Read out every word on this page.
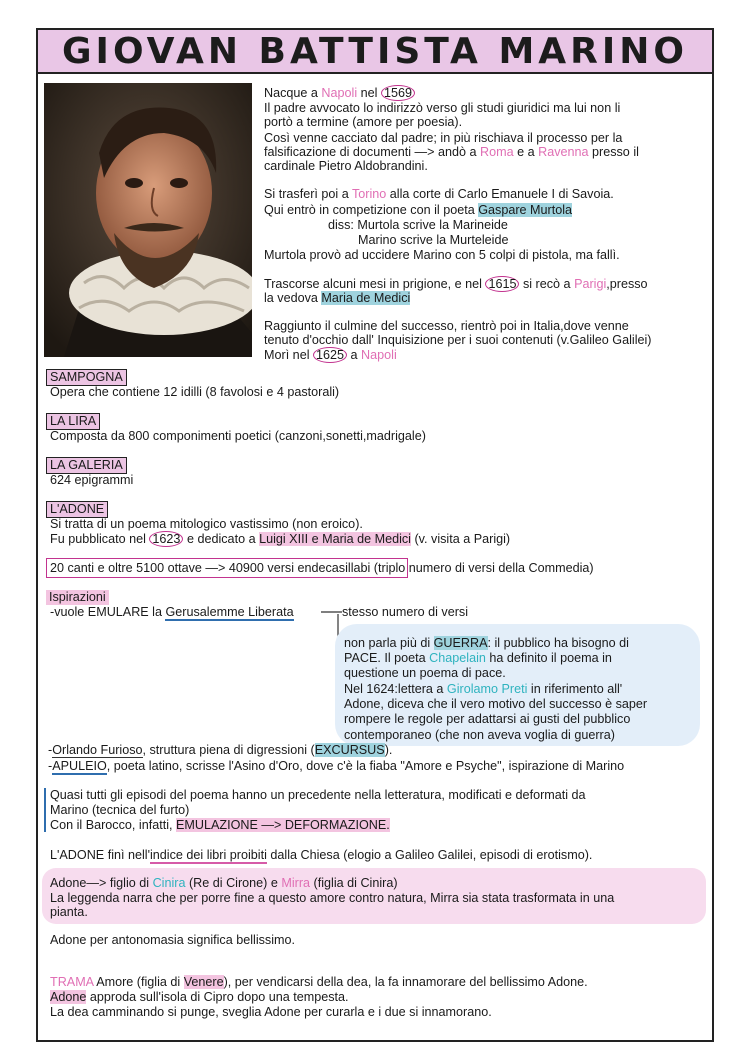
GIOVAN BATTISTA MARINO
Nacque a Napoli nel 1569
Il padre avvocato lo indirizzò verso gli studi giuridici ma lui non li
portò a termine (amore per poesia).
Così venne cacciato dal padre; in più rischiava il processo per la
falsificazione di documenti —> andò a Roma e a Ravenna presso il
cardinale Pietro Aldobrandini.
Si trasferì poi a Torino alla corte di Carlo Emanuele I di Savoia.
Qui entrò in competizione con il poeta Gaspare Murtola
diss: Murtola scrive la Marineide
Marino scrive la Murteleide
Murtola provò ad uccidere Marino con 5 colpi di pistola, ma fallì.
Trascorse alcuni mesi in prigione, e nel 1615 si recò a Parigi,presso
la vedova Maria de Medici
Raggiunto il culmine del successo, rientrò poi in Italia,dove venne
tenuto d'occhio dall' Inquisizione per i suoi contenuti (v.Galileo Galilei)
Morì nel 1625 a Napoli
SAMPOGNA
Opera che contiene 12 idilli (8 favolosi e 4 pastorali)
LA LIRA
Composta da 800 componimenti poetici (canzoni,sonetti,madrigale)
LA GALERIA
624 epigrammi
L'ADONE
Si tratta di un poema mitologico vastissimo (non eroico).
Fu pubblicato nel 1623 e dedicato a Luigi XIII e Maria de Medici (v. visita a Parigi)
20 canti e oltre 5100 ottave —> 40900 versi endecasillabi (triplo numero di versi della Commedia)
Ispirazioni
-vuole EMULARE la Gerusalemme Liberata	stesso numero di versi
non parla più di GUERRA: il pubblico ha bisogno di
PACE. Il poeta Chapelain ha definito il poema in
questione un poema di pace.
Nel 1624:lettera a Girolamo Preti in riferimento all'
Adone, diceva che il vero motivo del successo è saper
rompere le regole per adattarsi ai gusti del pubblico
contemporaneo (che non aveva voglia di guerra)
-Orlando Furioso, struttura piena di digressioni (EXCURSUS).
-APULEIO, poeta latino, scrisse l'Asino d'Oro, dove c'è la fiaba "Amore e Psyche", ispirazione di Marino
Quasi tutti gli episodi del poema hanno un precedente nella letteratura, modificati e deformati da
Marino (tecnica del furto)
Con il Barocco, infatti, EMULAZIONE —> DEFORMAZIONE.
L'ADONE finì nell'indice dei libri proibiti dalla Chiesa (elogio a Galileo Galilei, episodi di erotismo).
Adone—> figlio di Cinira (Re di Cirone) e Mirra (figlia di Cinira)
La leggenda narra che per porre fine a questo amore contro natura, Mirra sia stata trasformata in una
pianta.
Adone per antonomasia significa bellissimo.
TRAMA Amore (figlia di Venere), per vendicarsi della dea, la fa innamorare del bellissimo Adone.
Adone approda sull'isola di Cipro dopo una tempesta.
La dea camminando si punge, sveglia Adone per curarla e i due si innamorano.
